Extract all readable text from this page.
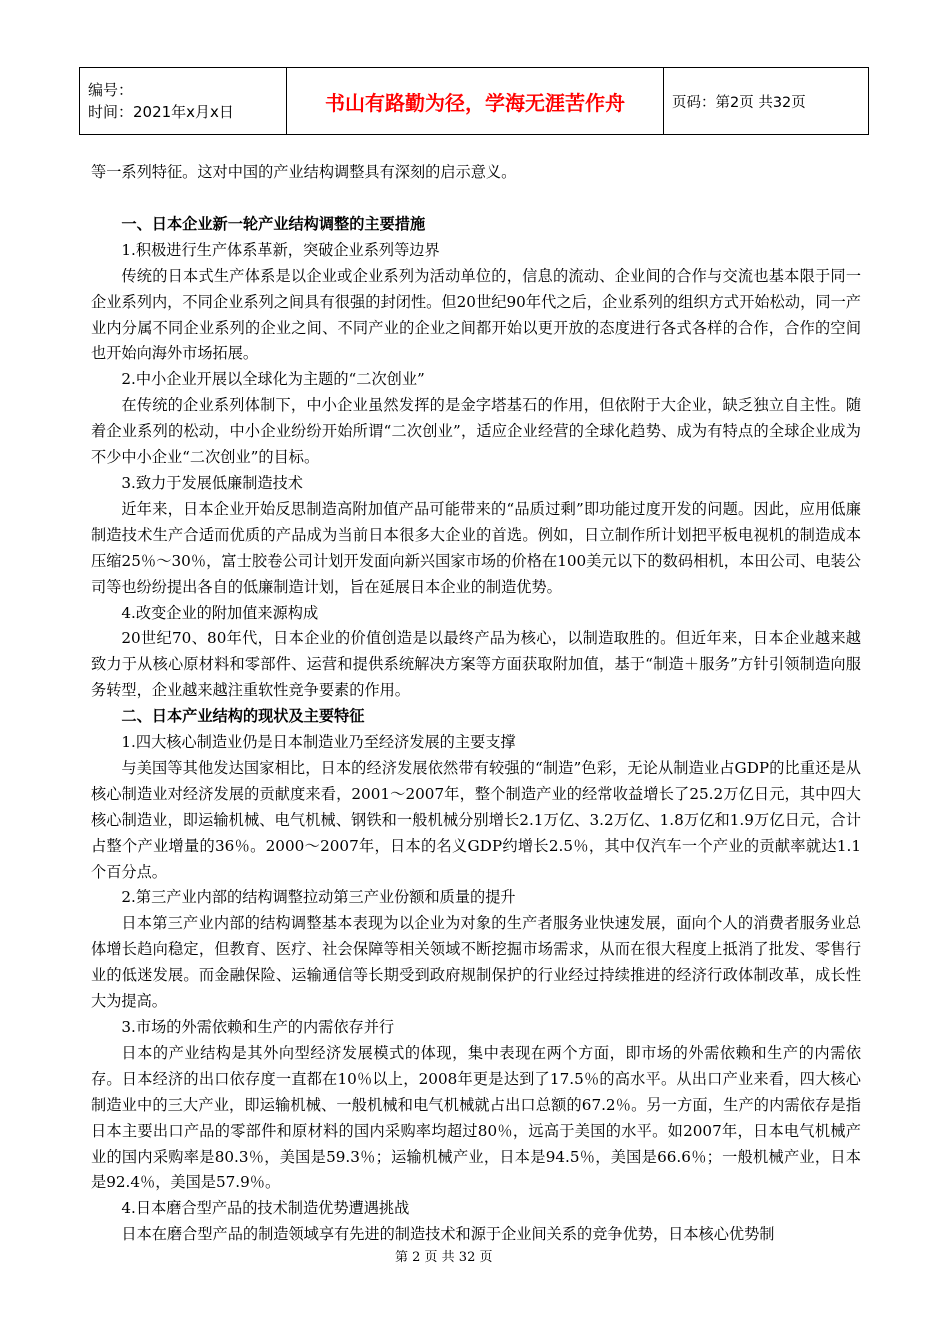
编号：
时间：2021年x月x日	书山有路勤为径，学海无涯苦作舟	页码：第2页 共32页

等一系列特征。这对中国的产业结构调整具有深刻的启示意义。

一、日本企业新一轮产业结构调整的主要措施
1.积极进行生产体系革新，突破企业系列等边界

传统的日本式生产体系是以企业或企业系列为活动单位的，信息的流动、企业间的合作与交流也基本限于同一企业系列内，不同企业系列之间具有很强的封闭性。但20世纪90年代之后，企业系列的组织方式开始松动，同一产业内分属不同企业系列的企业之间、不同产业的企业之间都开始以更开放的态度进行各式各样的合作，合作的空间也开始向海外市场拓展。

2.中小企业开展以全球化为主题的“二次创业”

在传统的企业系列体制下，中小企业虽然发挥的是金字塔基石的作用，但依附于大企业，缺乏独立自主性。随着企业系列的松动，中小企业纷纷开始所谓“二次创业”，适应企业经营的全球化趋势、成为有特点的全球企业成为不少中小企业“二次创业”的目标。

3.致力于发展低廉制造技术

近年来，日本企业开始反思制造高附加值产品可能带来的“品质过剩”即功能过度开发的问题。因此，应用低廉制造技术生产合适而优质的产品成为当前日本很多大企业的首选。例如，日立制作所计划把平板电视机的制造成本压缩25％～30％，富士胶卷公司计划开发面向新兴国家市场的价格在100美元以下的数码相机，本田公司、电装公司等也纷纷提出各自的低廉制造计划，旨在延展日本企业的制造优势。

4.改变企业的附加值来源构成

20世纪70、80年代，日本企业的价值创造是以最终产品为核心，以制造取胜的。但近年来，日本企业越来越致力于从核心原材料和零部件、运营和提供系统解决方案等方面获取附加值，基于“制造＋服务”方针引领制造向服务转型，企业越来越注重软性竞争要素的作用。

二、日本产业结构的现状及主要特征
1.四大核心制造业仍是日本制造业乃至经济发展的主要支撑

与美国等其他发达国家相比，日本的经济发展依然带有较强的“制造”色彩，无论从制造业占GDP的比重还是从核心制造业对经济发展的贡献度来看，2001～2007年，整个制造产业的经常收益增长了25.2万亿日元，其中四大核心制造业，即运输机械、电气机械、钢铁和一般机械分别增长2.1万亿、3.2万亿、1.8万亿和1.9万亿日元，合计占整个产业增量的36％。2000～2007年，日本的名义GDP约增长2.5％，其中仅汽车一个产业的贡献率就达1.1个百分点。

2.第三产业内部的结构调整拉动第三产业份额和质量的提升

日本第三产业内部的结构调整基本表现为以企业为对象的生产者服务业快速发展，面向个人的消费者服务业总体增长趋向稳定，但教育、医疗、社会保障等相关领域不断挖掘市场需求，从而在很大程度上抵消了批发、零售行业的低迷发展。而金融保险、运输通信等长期受到政府规制保护的行业经过持续推进的经济行政体制改革，成长性大为提高。

3.市场的外需依赖和生产的内需依存并行

日本的产业结构是其外向型经济发展模式的体现，集中表现在两个方面，即市场的外需依赖和生产的内需依存。日本经济的出口依存度一直都在10％以上，2008年更是达到了17.5％的高水平。从出口产业来看，四大核心制造业中的三大产业，即运输机械、一般机械和电气机械就占出口总额的67.2％。另一方面，生产的内需依存是指日本主要出口产品的零部件和原材料的国内采购率均超过80％，远高于美国的水平。如2007年，日本电气机械产业的国内采购率是80.3％，美国是59.3％；运输机械产业，日本是94.5％，美国是66.6％；一般机械产业，日本是92.4％，美国是57.9％。

4.日本磨合型产品的技术制造优势遭遇挑战

日本在磨合型产品的制造领域享有先进的制造技术和源于企业间关系的竞争优势，日本核心优势制

第 2 页 共 32 页
